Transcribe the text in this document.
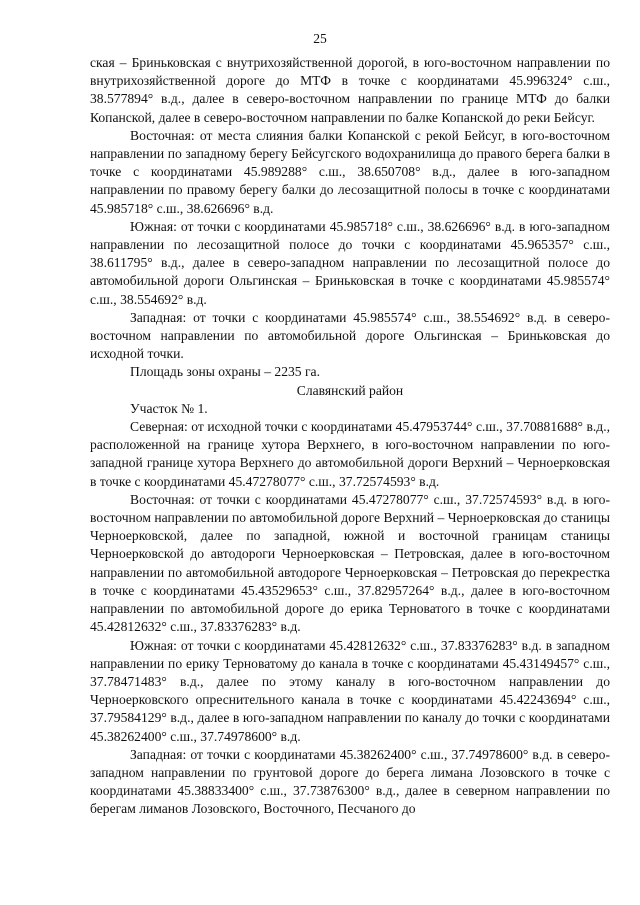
25

ская – Бриньковская с внутрихозяйственной дорогой, в юго-восточном направлении по внутрихозяйственной дороге до МТФ в точке с координатами 45.996324° с.ш., 38.577894° в.д., далее в северо-восточном направлении по границе МТФ до балки Копанской, далее в северо-восточном направлении по балке Копанской до реки Бейсуг.

Восточная: от места слияния балки Копанской с рекой Бейсуг, в юго-восточном направлении по западному берегу Бейсугского водохранилища до правого берега балки в точке с координатами 45.989288° с.ш., 38.650708° в.д., далее в юго-западном направлении по правому берегу балки до лесозащитной полосы в точке с координатами 45.985718° с.ш., 38.626696° в.д.

Южная: от точки с координатами 45.985718° с.ш., 38.626696° в.д. в юго-западном направлении по лесозащитной полосе до точки с координатами 45.965357° с.ш., 38.611795° в.д., далее в северо-западном направлении по лесозащитной полосе до автомобильной дороги Ольгинская – Бриньковская в точке с координатами 45.985574° с.ш., 38.554692° в.д.

Западная: от точки с координатами 45.985574° с.ш., 38.554692° в.д. в северо-восточном направлении по автомобильной дороге Ольгинская – Бриньковская до исходной точки.

Площадь зоны охраны – 2235 га.

Славянский район

Участок № 1.

Северная: от исходной точки с координатами 45.47953744° с.ш., 37.70881688° в.д., расположенной на границе хутора Верхнего, в юго-восточном направлении по юго-западной границе хутора Верхнего до автомобильной дороги Верхний – Черноерковская в точке с координатами 45.47278077° с.ш., 37.72574593° в.д.

Восточная: от точки с координатами 45.47278077° с.ш., 37.72574593° в.д. в юго-восточном направлении по автомобильной дороге Верхний – Черноерковская до станицы Черноерковской, далее по западной, южной и восточной границам станицы Черноерковской до автодороги Черноерковская – Петровская, далее в юго-восточном направлении по автомобильной автодороге Черноерковская – Петровская до перекрестка в точке с координатами 45.43529653° с.ш., 37.82957264° в.д., далее в юго-восточном направлении по автомобильной дороге до ерика Терноватого в точке с координатами 45.42812632° с.ш., 37.83376283° в.д.

Южная: от точки с координатами 45.42812632° с.ш., 37.83376283° в.д. в западном направлении по ерику Терноватому до канала в точке с координатами 45.43149457° с.ш., 37.78471483° в.д., далее по этому каналу в юго-восточном направлении до Черноерковского опреснительного канала в точке с координатами 45.42243694° с.ш., 37.79584129° в.д., далее в юго-западном направлении по каналу до точки с координатами 45.38262400° с.ш., 37.74978600° в.д.

Западная: от точки с координатами 45.38262400° с.ш., 37.74978600° в.д. в северо-западном направлении по грунтовой дороге до берега лимана Лозовского в точке с координатами 45.38833400° с.ш., 37.73876300° в.д., далее в северном направлении по берегам лиманов Лозовского, Восточного, Песчаного до
